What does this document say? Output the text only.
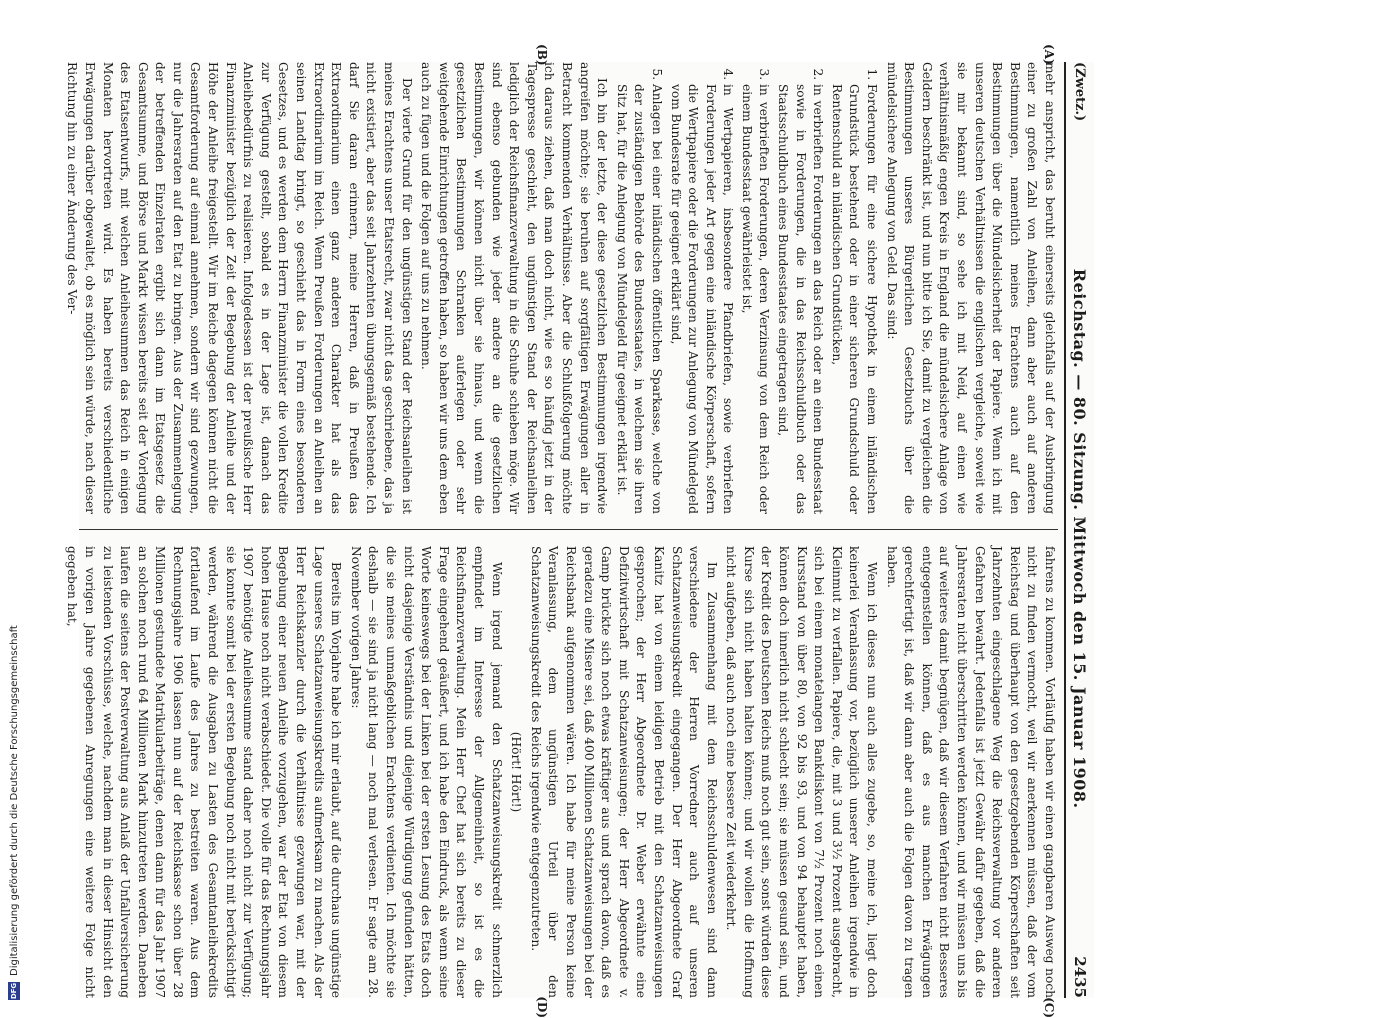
(Zwetz.)
Reichstag. — 80. Sitzung. Mittwoch den 15. Januar 1908.
2435
(A)
(B)
(C)
(D)

mehr anspricht, das beruht einerseits gleichfalls auf der Ausbringung einer zu großen Zahl von Anleihen, dann aber auch auf anderen Bestimmungen, namentlich meines Erachtens auch auf den Bestimmungen über die Mündelsicherheit der Papiere. Wenn ich mit unseren deutschen Verhältnissen die englischen vergleiche, soweit wie sie mir bekannt sind, so sehe ich mit Neid, auf einen wie verhältnismäßig engen Kreis in England die mündelsichere Anlage von Geldern beschränkt ist, und nun bitte ich Sie, damit zu vergleichen die Bestimmungen unseres Bürgerlichen Gesetzbuchs über die mündelsichere Anlegung von Geld. Das sind:

1. Forderungen für eine sichere Hypothek in einem inländischen Grundstück bestehend oder in einer sicheren Grundschuld oder Rentenschuld an inländischen Grundstücken,
2. in verbrieften Forderungen an das Reich oder an einen Bundesstaat sowie in Forderungen, die in das Reichsschuldbuch oder das Staatsschuldbuch eines Bundesstaates eingetragen sind,
3. in verbrieften Forderungen, deren Verzinsung von dem Reich oder einem Bundesstaat gewährleistet ist,
4. in Wertpapieren, insbesondere Pfandbriefen, sowie verbrieften Forderungen jeder Art gegen eine inländische Körperschaft, sofern die Wertpapiere oder die Forderungen zur Anlegung von Mündelgeld vom Bundesrate für geeignet erklärt sind,
5. Anlagen bei einer inländischen öffentlichen Sparkasse, welche von der zuständigen Behörde des Bundesstaates, in welchem sie ihren Sitz hat, für die Anlegung von Mündelgeld für geeignet erklärt ist.

Ich bin der letzte, der diese gesetzlichen Bestimmungen irgendwie angreifen möchte; sie beruhen auf sorgfältigen Erwägungen aller in Betracht kommenden Verhältnisse. Aber die Schlußfolgerung möchte ich daraus ziehen, daß man doch nicht, wie es so häufig jetzt in der Tagespresse geschieht, den ungünstigen Stand der Reichsanleihen lediglich der Reichsfinanzverwaltung in die Schuhe schieben möge. Wir sind ebenso gebunden wie jeder andere an die gesetzlichen Bestimmungen, wir können nicht über sie hinaus, und wenn die gesetzlichen Bestimmungen Schranken auferlegen oder sehr weitgehende Einrichtungen getroffen haben, so haben wir uns dem eben auch zu fügen und die Folgen auf uns zu nehmen.

Der vierte Grund für den ungünstigen Stand der Reichsanleihen ist meines Erachtens unser Etatsrecht, zwar nicht das geschriebene, das ja nicht existiert, aber das seit Jahrzehnten übungsgemäß bestehende. Ich darf Sie daran erinnern, meine Herren, daß in Preußen das Extraordinarium einen ganz anderen Charakter hat als das Extraordinarium im Reich. Wenn Preußen Forderungen an Anleihen an seinen Landtag bringt, so geschieht das in Form eines besonderen Gesetzes, und es werden dem Herrn Finanzminister die vollen Kredite zur Verfügung gestellt, sobald es in der Lage ist, danach das Anleihebedürfnis zu realisieren. Infolgedessen ist der preußische Herr Finanzminister bezüglich der Zeit der Begebung der Anleihe und der Höhe der Anleihe freigestellt. Wir im Reiche dagegen können nicht die Gesamtforderung auf einmal annehmen, sondern wir sind gezwungen, nur die Jahresraten auf den Etat zu bringen. Aus der Zusammenlegung der betreffenden Einzelraten ergibt sich dann im Etatsgesetz die Gesamtsumme, und Börse und Markt wissen bereits seit der Vorlegung des Etatsentwurfs, mit welchen Anleihesummen das Reich in einigen Monaten hervortreten wird. Es haben bereits verschiedentliche Erwägungen darüber obgewaltet, ob es möglich sein würde, nach dieser Richtung hin zu einer Änderung des Ver-

fahrens zu kommen. Vorläufig haben wir einen gangbaren Ausweg noch nicht zu finden vermocht, weil wir anerkennen müssen, daß der vom Reichstag und überhaupt von den gesetzgebenden Körperschaften seit Jahrzehnten eingeschlagene Weg die Reichsverwaltung vor anderen Gefahren bewahrt. Jedenfalls ist jetzt Gewähr dafür gegeben, daß die Jahresraten nicht überschritten werden können, und wir müssen uns bis auf weiteres damit begnügen, daß wir diesem Verfahren nicht Besseres entgegenstellen können, daß es aus manchen Erwägungen gerechtfertigt ist, daß wir dann aber auch die Folgen davon zu tragen haben.

Wenn ich dieses nun auch alles zugebe, so, meine ich, liegt doch keinerlei Veranlassung vor, bezüglich unserer Anleihen irgendwie in Kleinmut zu verfallen. Papiere, die, mit 3 und 3½ Prozent ausgebracht, sich bei einem monatelangen Bankdiskont von 7½ Prozent noch einen Kursstand von über 80, von 92 bis 93, und von 94 behauptet haben, können doch innerlich nicht schlecht sein; sie müssen gesund sein, und der Kredit des Deutschen Reichs muß noch gut sein, sonst würden diese Kurse sich nicht haben halten können; und wir wollen die Hoffnung nicht aufgeben, daß auch noch eine bessere Zeit wiederkehrt.

Im Zusammenhang mit dem Reichsschuldenwesen sind dann verschiedene der Herren Vorredner auch auf unseren Schatzanweisungskredit eingegangen. Der Herr Abgeordnete Graf Kanitz hat von einem leidigen Betrieb mit den Schatzanweisungen gesprochen; der Herr Abgeordnete Dr. Weber erwähnte eine Defizitwirtschaft mit Schatzanweisungen; der Herr Abgeordnete v. Gamp brückte sich noch etwas kräftiger aus und sprach davon, daß es geradezu eine Misere sei, daß 400 Millionen Schatzanweisungen bei der Reichsbank aufgenommen wären. Ich habe für meine Person keine Veranlassung, dem ungünstigen Urteil über den Schatzanweisungskredit des Reichs irgendwie entgegenzutreten.

(Hört! Hört!)

Wenn irgend jemand den Schatzanweisungskredit schmerzlich empfindet im Interesse der Allgemeinheit, so ist es die Reichsfinanzverwaltung. Mein Herr Chef hat sich bereits zu dieser Frage eingehend geäußert, und ich habe den Eindruck, als wenn seine Worte keineswegs bei der Linken bei der ersten Lesung des Etats doch nicht dasjenige Verständnis und diejenige Würdigung gefunden hätten, die sie meines unmaßgeblichen Erachtens verdienten. Ich möchte sie deshalb — sie sind ja nicht lang — noch mal verlesen. Er sagte am 28. November vorigen Jahres:

Bereits im Vorjahre habe ich mir erlaubt, auf die durchaus ungünstige Lage unseres Schatzanweisungskredits aufmerksam zu machen. Als der Herr Reichskanzler durch die Verhältnisse gezwungen war, mit der Begebung einer neuen Anleihe vorzugehen, war der Etat von diesem hohen Hause noch nicht verabschiedet. Die volle für das Rechnungsjahr 1907 benötigte Anleihesumme stand daher noch nicht zur Verfügung; sie konnte somit bei der ersten Begebung noch nicht mit berücksichtigt werden, während die Ausgaben zu Lasten des Gesamtanleihekredits fortlaufend im Laufe des Jahres zu bestreiten waren. Aus dem Rechnungsjahre 1906 lassen nun auf der Reichskasse schon über 28 Millionen gestundete Matrikularbeiträge, denen dann für das Jahr 1907 an solchen noch rund 64 Millionen Mark hinzutreten werden. Daneben laufen die seitens der Postverwaltung aus Anlaß der Unfallversicherung zu leistenden Vorschüsse, welche, nachdem man in dieser Hinsicht den in vorigen Jahre gegebenen Anregungen eine weitere Folge nicht gegeben hat,

DFG
Digitalisierung gefördert durch die Deutsche Forschungsgemeinschaft
